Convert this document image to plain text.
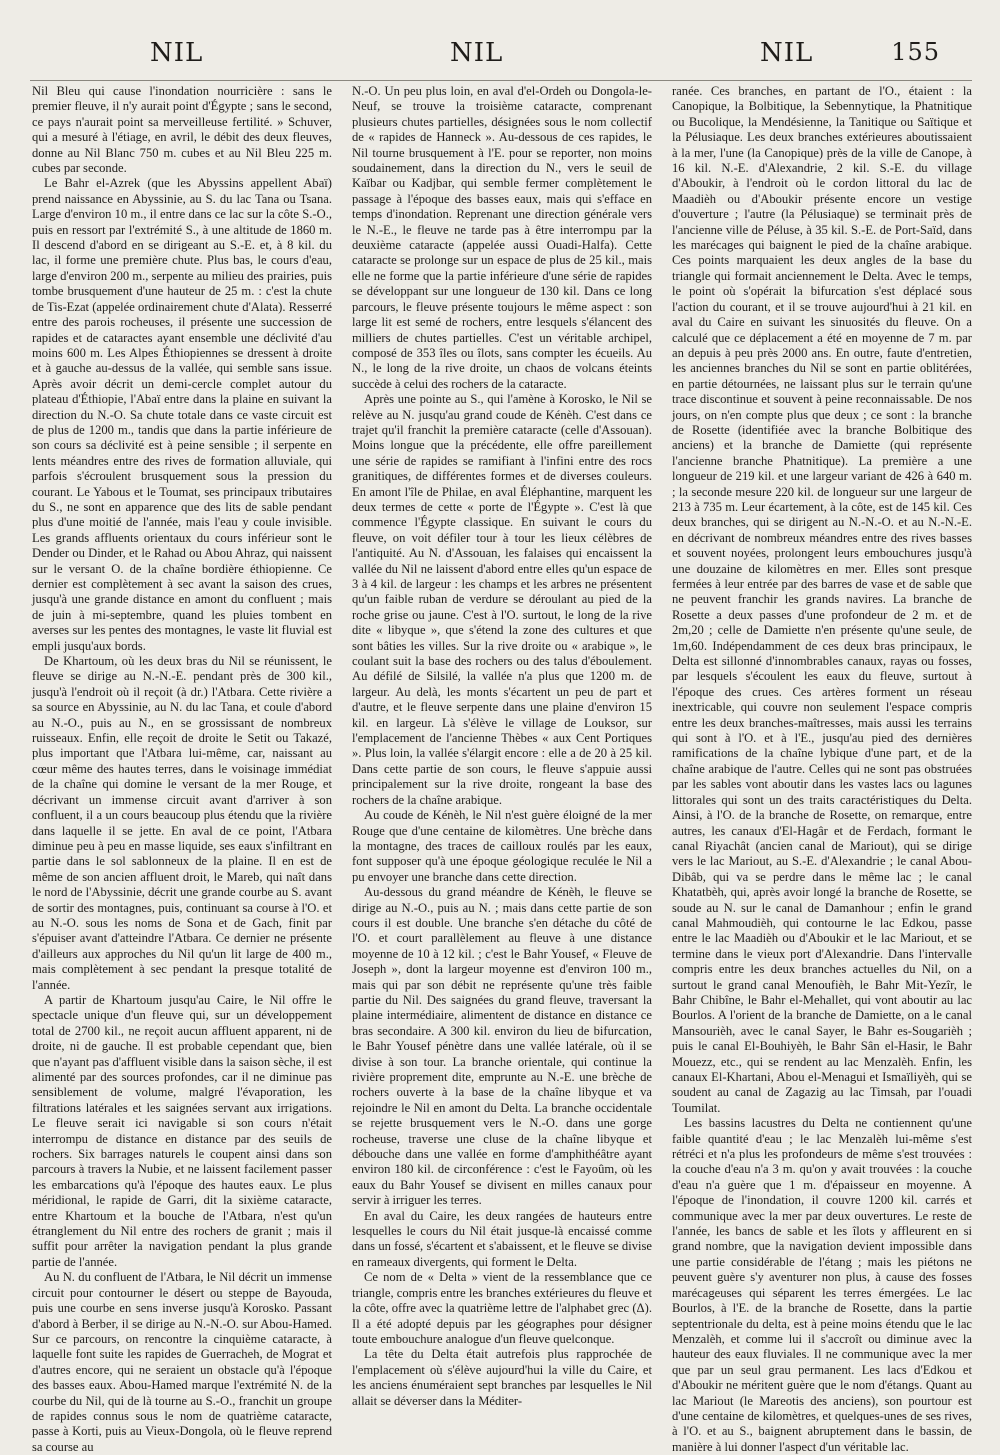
NIL	NIL	NIL	155

Nil Bleu qui cause l'inondation nourricière : sans le premier fleuve, il n'y aurait point d'Égypte ; sans le second, ce pays n'aurait point sa merveilleuse fertilité. » Schuver, qui a mesuré à l'étiage, en avril, le débit des deux fleuves, donne au Nil Blanc 750 m. cubes et au Nil Bleu 225 m. cubes par seconde.

Le Bahr el-Azrek (que les Abyssins appellent Abaï) prend naissance en Abyssinie, au S. du lac Tana ou Tsana. Large d'environ 10 m., il entre dans ce lac sur la côte S.-O., puis en ressort par l'extrémité S., à une altitude de 1860 m. Il descend d'abord en se dirigeant au S.-E. et, à 8 kil. du lac, il forme une première chute. Plus bas, le cours d'eau, large d'environ 200 m., serpente au milieu des prairies, puis tombe brusquement d'une hauteur de 25 m. : c'est la chute de Tis-Ezat (appelée ordinairement chute d'Alata). Resserré entre des parois rocheuses, il présente une succession de rapides et de cataractes ayant ensemble une déclivité d'au moins 600 m. Les Alpes Éthiopiennes se dressent à droite et à gauche au-dessus de la vallée, qui semble sans issue. Après avoir décrit un demi-cercle complet autour du plateau d'Éthiopie, l'Abaï entre dans la plaine en suivant la direction du N.-O. Sa chute totale dans ce vaste circuit est de plus de 1200 m., tandis que dans la partie inférieure de son cours sa déclivité est à peine sensible ; il serpente en lents méandres entre des rives de formation alluviale, qui parfois s'écroulent brusquement sous la pression du courant. Le Yabous et le Toumat, ses principaux tributaires du S., ne sont en apparence que des lits de sable pendant plus d'une moitié de l'année, mais l'eau y coule invisible. Les grands affluents orientaux du cours inférieur sont le Dender ou Dinder, et le Rahad ou Abou Ahraz, qui naissent sur le versant O. de la chaîne bordière éthiopienne. Ce dernier est complètement à sec avant la saison des crues, jusqu'à une grande distance en amont du confluent ; mais de juin à mi-septembre, quand les pluies tombent en averses sur les pentes des montagnes, le vaste lit fluvial est empli jusqu'aux bords.

De Khartoum, où les deux bras du Nil se réunissent, le fleuve se dirige au N.-N.-E. pendant près de 300 kil., jusqu'à l'endroit où il reçoit (à dr.) l'Atbara. Cette rivière a sa source en Abyssinie, au N. du lac Tana, et coule d'abord au N.-O., puis au N., en se grossissant de nombreux ruisseaux. Enfin, elle reçoit de droite le Setit ou Takazé, plus important que l'Atbara lui-même, car, naissant au cœur même des hautes terres, dans le voisinage immédiat de la chaîne qui domine le versant de la mer Rouge, et décrivant un immense circuit avant d'arriver à son confluent, il a un cours beaucoup plus étendu que la rivière dans laquelle il se jette. En aval de ce point, l'Atbara diminue peu à peu en masse liquide, ses eaux s'infiltrant en partie dans le sol sablonneux de la plaine. Il en est de même de son ancien affluent droit, le Mareb, qui naît dans le nord de l'Abyssinie, décrit une grande courbe au S. avant de sortir des montagnes, puis, continuant sa course à l'O. et au N.-O. sous les noms de Sona et de Gach, finit par s'épuiser avant d'atteindre l'Atbara. Ce dernier ne présente d'ailleurs aux approches du Nil qu'un lit large de 400 m., mais complètement à sec pendant la presque totalité de l'année.

A partir de Khartoum jusqu'au Caire, le Nil offre le spectacle unique d'un fleuve qui, sur un développement total de 2700 kil., ne reçoit aucun affluent apparent, ni de droite, ni de gauche. Il est probable cependant que, bien que n'ayant pas d'affluent visible dans la saison sèche, il est alimenté par des sources profondes, car il ne diminue pas sensiblement de volume, malgré l'évaporation, les filtrations latérales et les saignées servant aux irrigations. Le fleuve serait ici navigable si son cours n'était interrompu de distance en distance par des seuils de rochers. Six barrages naturels le coupent ainsi dans son parcours à travers la Nubie, et ne laissent facilement passer les embarcations qu'à l'époque des hautes eaux. Le plus méridional, le rapide de Garri, dit la sixième cataracte, entre Khartoum et la bouche de l'Atbara, n'est qu'un étranglement du Nil entre des rochers de granit ; mais il suffit pour arrêter la navigation pendant la plus grande partie de l'année.

Au N. du confluent de l'Atbara, le Nil décrit un immense circuit pour contourner le désert ou steppe de Bayouda, puis une courbe en sens inverse jusqu'à Korosko. Passant d'abord à Berber, il se dirige au N.-N.-O. sur Abou-Hamed. Sur ce parcours, on rencontre la cinquième cataracte, à laquelle font suite les rapides de Guerracheh, de Mograt et d'autres encore, qui ne seraient un obstacle qu'à l'époque des basses eaux. Abou-Hamed marque l'extrémité N. de la courbe du Nil, qui de là tourne au S.-O., franchit un groupe de rapides connus sous le nom de quatrième cataracte, passe à Korti, puis au Vieux-Dongola, où le fleuve reprend sa course au

N.-O. Un peu plus loin, en aval d'el-Ordeh ou Dongola-le-Neuf, se trouve la troisième cataracte, comprenant plusieurs chutes partielles, désignées sous le nom collectif de « rapides de Hanneck ». Au-dessous de ces rapides, le Nil tourne brusquement à l'E. pour se reporter, non moins soudainement, dans la direction du N., vers le seuil de Kaïbar ou Kadjbar, qui semble fermer complètement le passage à l'époque des basses eaux, mais qui s'efface en temps d'inondation. Reprenant une direction générale vers le N.-E., le fleuve ne tarde pas à être interrompu par la deuxième cataracte (appelée aussi Ouadi-Halfa). Cette cataracte se prolonge sur un espace de plus de 25 kil., mais elle ne forme que la partie inférieure d'une série de rapides se développant sur une longueur de 130 kil. Dans ce long parcours, le fleuve présente toujours le même aspect : son large lit est semé de rochers, entre lesquels s'élancent des milliers de chutes partielles. C'est un véritable archipel, composé de 353 îles ou îlots, sans compter les écueils. Au N., le long de la rive droite, un chaos de volcans éteints succède à celui des rochers de la cataracte.

Après une pointe au S., qui l'amène à Korosko, le Nil se relève au N. jusqu'au grand coude de Kénèh. C'est dans ce trajet qu'il franchit la première cataracte (celle d'Assouan). Moins longue que la précédente, elle offre pareillement une série de rapides se ramifiant à l'infini entre des rocs granitiques, de différentes formes et de diverses couleurs. En amont l'île de Philae, en aval Éléphantine, marquent les deux termes de cette « porte de l'Égypte ». C'est là que commence l'Égypte classique. En suivant le cours du fleuve, on voit défiler tour à tour les lieux célèbres de l'antiquité. Au N. d'Assouan, les falaises qui encaissent la vallée du Nil ne laissent d'abord entre elles qu'un espace de 3 à 4 kil. de largeur : les champs et les arbres ne présentent qu'un faible ruban de verdure se déroulant au pied de la roche grise ou jaune. C'est à l'O. surtout, le long de la rive dite « libyque », que s'étend la zone des cultures et que sont bâties les villes. Sur la rive droite ou « arabique », le coulant suit la base des rochers ou des talus d'éboulement. Au défilé de Silsilé, la vallée n'a plus que 1200 m. de largeur. Au delà, les monts s'écartent un peu de part et d'autre, et le fleuve serpente dans une plaine d'environ 15 kil. en largeur. Là s'élève le village de Louksor, sur l'emplacement de l'ancienne Thèbes « aux Cent Portiques ». Plus loin, la vallée s'élargit encore : elle a de 20 à 25 kil. Dans cette partie de son cours, le fleuve s'appuie aussi principalement sur la rive droite, rongeant la base des rochers de la chaîne arabique.

Au coude de Kénèh, le Nil n'est guère éloigné de la mer Rouge que d'une centaine de kilomètres. Une brèche dans la montagne, des traces de cailloux roulés par les eaux, font supposer qu'à une époque géologique reculée le Nil a pu envoyer une branche dans cette direction.

Au-dessous du grand méandre de Kénèh, le fleuve se dirige au N.-O., puis au N. ; mais dans cette partie de son cours il est double. Une branche s'en détache du côté de l'O. et court parallèlement au fleuve à une distance moyenne de 10 à 12 kil. ; c'est le Bahr Yousef, « Fleuve de Joseph », dont la largeur moyenne est d'environ 100 m., mais qui par son débit ne représente qu'une très faible partie du Nil. Des saignées du grand fleuve, traversant la plaine intermédiaire, alimentent de distance en distance ce bras secondaire. A 300 kil. environ du lieu de bifurcation, le Bahr Yousef pénètre dans une vallée latérale, où il se divise à son tour. La branche orientale, qui continue la rivière proprement dite, emprunte au N.-E. une brèche de rochers ouverte à la base de la chaîne libyque et va rejoindre le Nil en amont du Delta. La branche occidentale se rejette brusquement vers le N.-O. dans une gorge rocheuse, traverse une cluse de la chaîne libyque et débouche dans une vallée en forme d'amphithéâtre ayant environ 180 kil. de circonférence : c'est le Fayoûm, où les eaux du Bahr Yousef se divisent en milles canaux pour servir à irriguer les terres.

En aval du Caire, les deux rangées de hauteurs entre lesquelles le cours du Nil était jusque-là encaissé comme dans un fossé, s'écartent et s'abaissent, et le fleuve se divise en rameaux divergents, qui forment le Delta.

Ce nom de « Delta » vient de la ressemblance que ce triangle, compris entre les branches extérieures du fleuve et la côte, offre avec la quatrième lettre de l'alphabet grec (Δ). Il a été adopté depuis par les géographes pour désigner toute embouchure analogue d'un fleuve quelconque.

La tête du Delta était autrefois plus rapprochée de l'emplacement où s'élève aujourd'hui la ville du Caire, et les anciens énuméraient sept branches par lesquelles le Nil allait se déverser dans la Méditer-

ranée. Ces branches, en partant de l'O., étaient : la Canopique, la Bolbitique, la Sebennytique, la Phatnitique ou Bucolique, la Mendésienne, la Tanitique ou Saïtique et la Pélusiaque. Les deux branches extérieures aboutissaient à la mer, l'une (la Canopique) près de la ville de Canope, à 16 kil. N.-E. d'Alexandrie, 2 kil. S.-E. du village d'Aboukir, à l'endroit où le cordon littoral du lac de Maadièh ou d'Aboukir présente encore un vestige d'ouverture ; l'autre (la Pélusiaque) se terminait près de l'ancienne ville de Péluse, à 35 kil. S.-E. de Port-Saïd, dans les marécages qui baignent le pied de la chaîne arabique. Ces points marquaient les deux angles de la base du triangle qui formait anciennement le Delta. Avec le temps, le point où s'opérait la bifurcation s'est déplacé sous l'action du courant, et il se trouve aujourd'hui à 21 kil. en aval du Caire en suivant les sinuosités du fleuve. On a calculé que ce déplacement a été en moyenne de 7 m. par an depuis à peu près 2000 ans. En outre, faute d'entretien, les anciennes branches du Nil se sont en partie oblitérées, en partie détournées, ne laissant plus sur le terrain qu'une trace discontinue et souvent à peine reconnaissable. De nos jours, on n'en compte plus que deux ; ce sont : la branche de Rosette (identifiée avec la branche Bolbitique des anciens) et la branche de Damiette (qui représente l'ancienne branche Phatnitique). La première a une longueur de 219 kil. et une largeur variant de 426 à 640 m. ; la seconde mesure 220 kil. de longueur sur une largeur de 213 à 735 m. Leur écartement, à la côte, est de 145 kil. Ces deux branches, qui se dirigent au N.-N.-O. et au N.-N.-E. en décrivant de nombreux méandres entre des rives basses et souvent noyées, prolongent leurs embouchures jusqu'à une douzaine de kilomètres en mer. Elles sont presque fermées à leur entrée par des barres de vase et de sable que ne peuvent franchir les grands navires. La branche de Rosette a deux passes d'une profondeur de 2 m. et de 2m,20 ; celle de Damiette n'en présente qu'une seule, de 1m,60. Indépendamment de ces deux bras principaux, le Delta est sillonné d'innombrables canaux, rayas ou fosses, par lesquels s'écoulent les eaux du fleuve, surtout à l'époque des crues. Ces artères forment un réseau inextricable, qui couvre non seulement l'espace compris entre les deux branches-maîtresses, mais aussi les terrains qui sont à l'O. et à l'E., jusqu'au pied des dernières ramifications de la chaîne lybique d'une part, et de la chaîne arabique de l'autre. Celles qui ne sont pas obstruées par les sables vont aboutir dans les vastes lacs ou lagunes littorales qui sont un des traits caractéristiques du Delta. Ainsi, à l'O. de la branche de Rosette, on remarque, entre autres, les canaux d'El-Hagâr et de Ferdach, formant le canal Riyachât (ancien canal de Mariout), qui se dirige vers le lac Mariout, au S.-E. d'Alexandrie ; le canal Abou-Dibâb, qui va se perdre dans le même lac ; le canal Khatatbèh, qui, après avoir longé la branche de Rosette, se soude au N. sur le canal de Damanhour ; enfin le grand canal Mahmoudièh, qui contourne le lac Edkou, passe entre le lac Maadièh ou d'Aboukir et le lac Mariout, et se termine dans le vieux port d'Alexandrie. Dans l'intervalle compris entre les deux branches actuelles du Nil, on a surtout le grand canal Menoufièh, le Bahr Mit-Yezîr, le Bahr Chibîne, le Bahr el-Mehallet, qui vont aboutir au lac Bourlos. A l'orient de la branche de Damiette, on a le canal Mansourièh, avec le canal Sayer, le Bahr es-Sougarièh ; puis le canal El-Bouhiyèh, le Bahr Sân el-Hasir, le Bahr Mouezz, etc., qui se rendent au lac Menzalèh. Enfin, les canaux El-Khartani, Abou el-Menagui et Ismaïliyèh, qui se soudent au canal de Zagazig au lac Timsah, par l'ouadi Toumilat.

Les bassins lacustres du Delta ne contiennent qu'une faible quantité d'eau ; le lac Menzalèh lui-même s'est rétréci et n'a plus les profondeurs de même s'est trouvées : la couche d'eau n'a 3 m. qu'on y avait trouvées : la couche d'eau n'a guère que 1 m. d'épaisseur en moyenne. A l'époque de l'inondation, il couvre 1200 kil. carrés et communique avec la mer par deux ouvertures. Le reste de l'année, les bancs de sable et les îlots y affleurent en si grand nombre, que la navigation devient impossible dans une partie considérable de l'étang ; mais les piétons ne peuvent guère s'y aventurer non plus, à cause des fosses marécageuses qui séparent les terres émergées. Le lac Bourlos, à l'E. de la branche de Rosette, dans la partie septentrionale du delta, est à peine moins étendu que le lac Menzalèh, et comme lui il s'accroît ou diminue avec la hauteur des eaux fluviales. Il ne communique avec la mer que par un seul grau permanent. Les lacs d'Edkou et d'Aboukir ne méritent guère que le nom d'étangs. Quant au lac Mariout (le Mareotis des anciens), son pourtour est d'une centaine de kilomètres, et quelques-unes de ses rives, à l'O. et au S., baignent abruptement dans le bassin, de manière à lui donner l'aspect d'un véritable lac.
